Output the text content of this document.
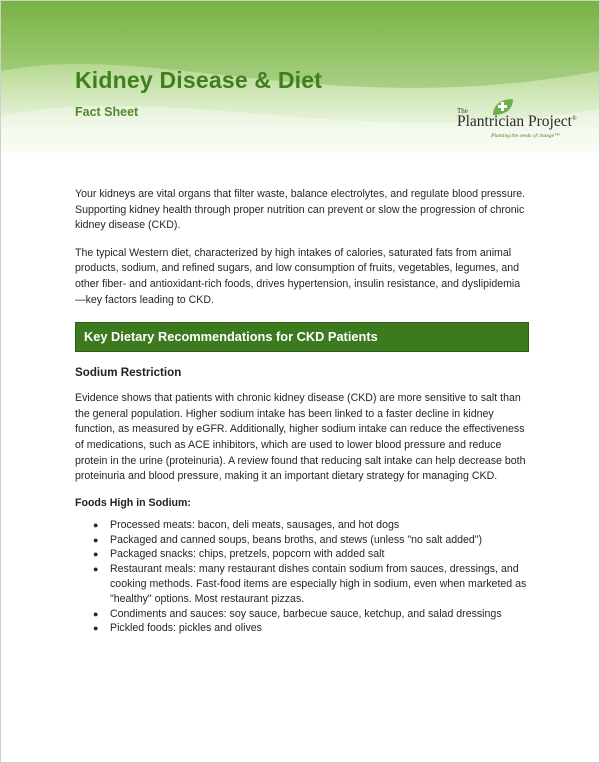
Kidney Disease & Diet
Fact Sheet	The
Plantrician Project®
Planting the seeds of change™

Your kidneys are vital organs that filter waste, balance electrolytes, and regulate blood pressure. Supporting kidney health through proper nutrition can prevent or slow the progression of chronic kidney disease (CKD).

The typical Western diet, characterized by high intakes of calories, saturated fats from animal products, sodium, and refined sugars, and low consumption of fruits, vegetables, legumes, and other fiber- and antioxidant-rich foods, drives hypertension, insulin resistance, and dyslipidemia—key factors leading to CKD.

Key Dietary Recommendations for CKD Patients
Sodium Restriction

Evidence shows that patients with chronic kidney disease (CKD) are more sensitive to salt than the general population. Higher sodium intake has been linked to a faster decline in kidney function, as measured by eGFR. Additionally, higher sodium intake can reduce the effectiveness of medications, such as ACE inhibitors, which are used to lower blood pressure and reduce protein in the urine (proteinuria). A review found that reducing salt intake can help decrease both proteinuria and blood pressure, making it an important dietary strategy for managing CKD.

Foods High in Sodium:
● Processed meats: bacon, deli meats, sausages, and hot dogs
● Packaged and canned soups, beans broths, and stews (unless "no salt added")
● Packaged snacks: chips, pretzels, popcorn with added salt
● Restaurant meals: many restaurant dishes contain sodium from sauces, dressings, and cooking methods. Fast-food items are especially high in sodium, even when marketed as "healthy" options. Most restaurant pizzas.
● Condiments and sauces: soy sauce, barbecue sauce, ketchup, and salad dressings
● Pickled foods: pickles and olives
